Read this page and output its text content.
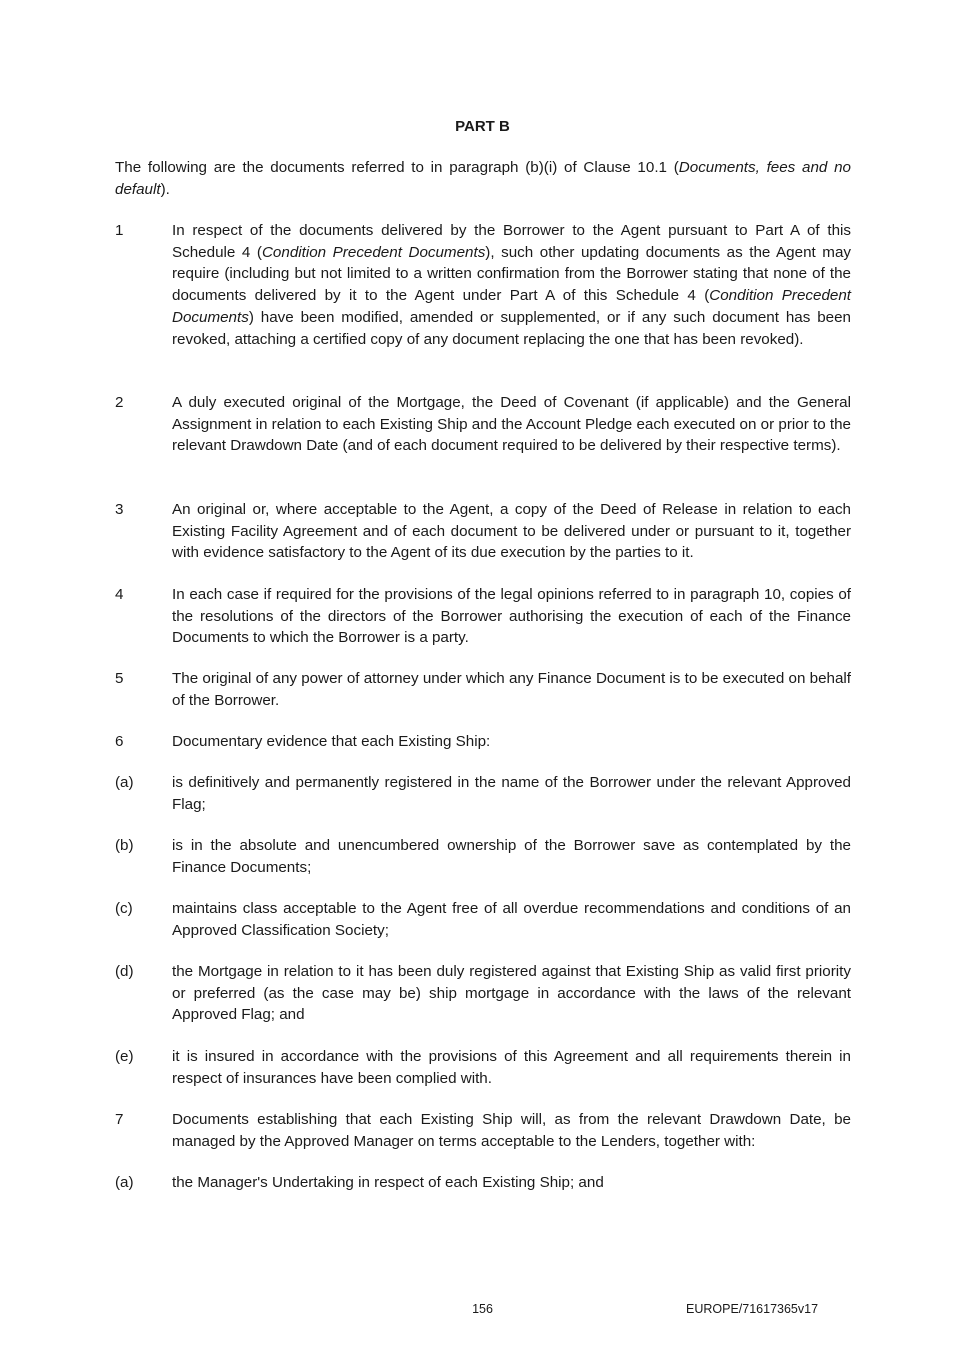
PART B
The following are the documents referred to in paragraph (b)(i) of Clause 10.1 (Documents, fees and no default).
1	In respect of the documents delivered by the Borrower to the Agent pursuant to Part A of this Schedule 4 (Condition Precedent Documents), such other updating documents as the Agent may require (including but not limited to a written confirmation from the Borrower stating that none of the documents delivered by it to the Agent under Part A of this Schedule 4 (Condition Precedent Documents) have been modified, amended or supplemented, or if any such document has been revoked, attaching a certified copy of any document replacing the one that has been revoked).
2	A duly executed original of the Mortgage, the Deed of Covenant (if applicable) and the General Assignment in relation to each Existing Ship and the Account Pledge each executed on or prior to the relevant Drawdown Date (and of each document required to be delivered by their respective terms).
3	An original or, where acceptable to the Agent, a copy of the Deed of Release in relation to each Existing Facility Agreement and of each document to be delivered under or pursuant to it, together with evidence satisfactory to the Agent of its due execution by the parties to it.
4	In each case if required for the provisions of the legal opinions referred to in paragraph 10, copies of the resolutions of the directors of the Borrower authorising the execution of each of the Finance Documents to which the Borrower is a party.
5	The original of any power of attorney under which any Finance Document is to be executed on behalf of the Borrower.
6	Documentary evidence that each Existing Ship:
(a)	is definitively and permanently registered in the name of the Borrower under the relevant Approved Flag;
(b)	is in the absolute and unencumbered ownership of the Borrower save as contemplated by the Finance Documents;
(c)	maintains class acceptable to the Agent free of all overdue recommendations and conditions of an Approved Classification Society;
(d)	the Mortgage in relation to it has been duly registered against that Existing Ship as valid first priority or preferred (as the case may be) ship mortgage in accordance with the laws of the relevant Approved Flag; and
(e)	it is insured in accordance with the provisions of this Agreement and all requirements therein in respect of insurances have been complied with.
7	Documents establishing that each Existing Ship will, as from the relevant Drawdown Date, be managed by the Approved Manager on terms acceptable to the Lenders, together with:
(a)	the Manager's Undertaking in respect of each Existing Ship; and
156	EUROPE/71617365v17
